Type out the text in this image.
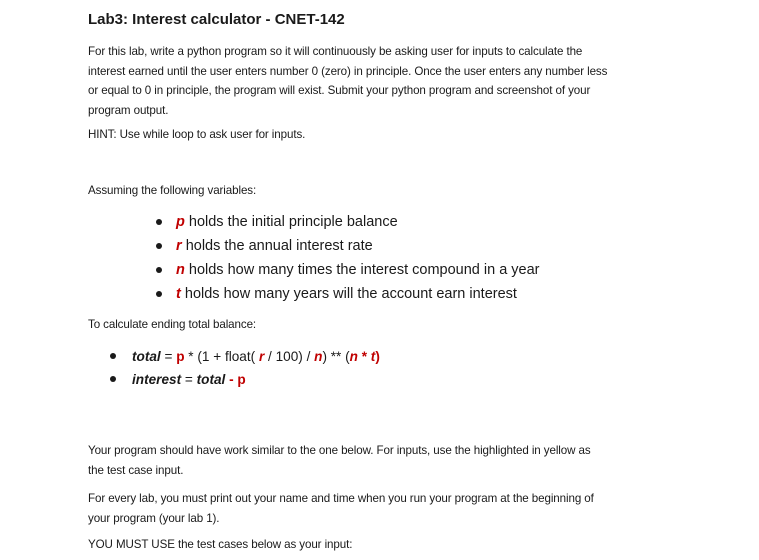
Lab3: Interest calculator - CNET-142

For this lab, write a python program so it will continuously be asking user for inputs to calculate the
interest earned until the user enters number 0 (zero) in principle. Once the user enters any number less
or equal to 0 in principle, the program will exist. Submit your python program and screenshot of your
program output.

HINT: Use while loop to ask user for inputs.

Assuming the following variables:

p holds the initial principle balance
r holds the annual interest rate
n holds how many times the interest compound in a year
t holds how many years will the account earn interest

To calculate ending total balance:

total = p * (1 + float( r / 100) / n) ** (n * t)
interest = total - p

Your program should have work similar to the one below. For inputs, use the highlighted in yellow as
the test case input.

For every lab, you must print out your name and time when you run your program at the beginning of
your program (your lab 1).

YOU MUST USE the test cases below as your input:
